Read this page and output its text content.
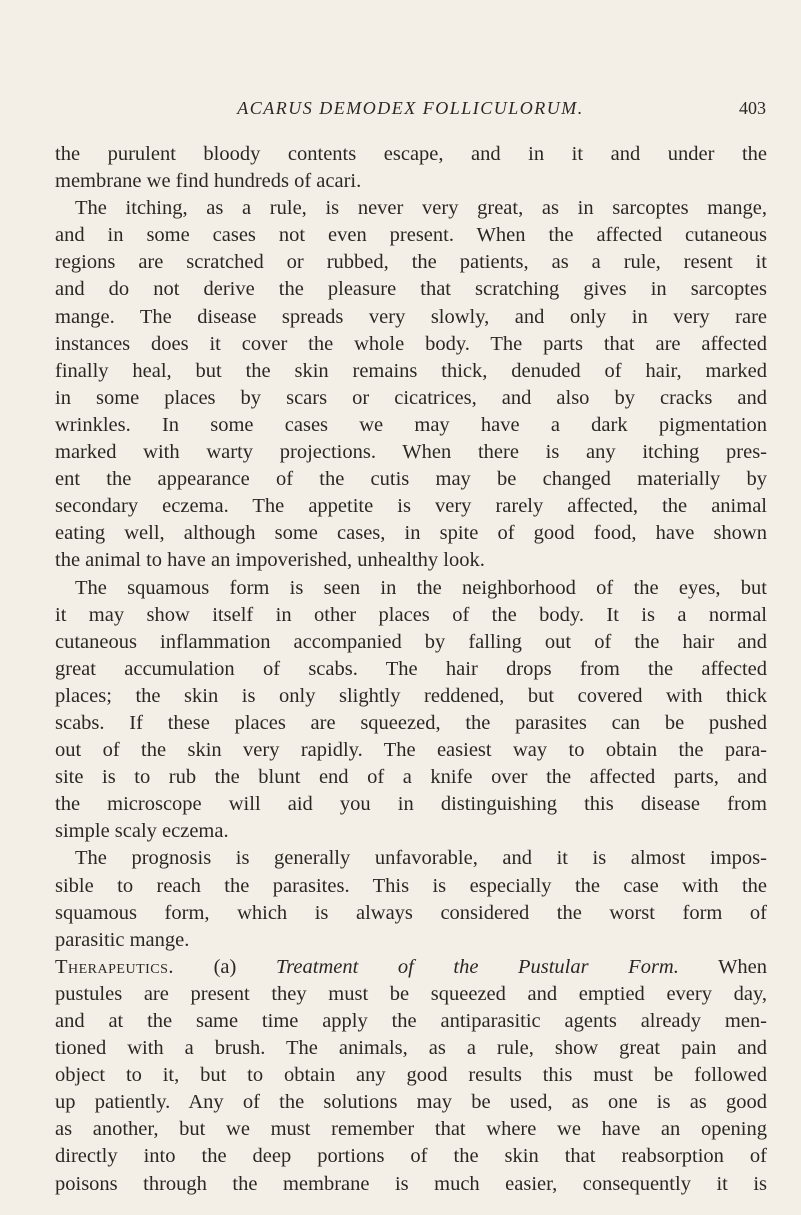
ACARUS DEMODEX FOLLICULORUM.	403
the purulent bloody contents escape, and in it and under the
membrane we find hundreds of acari.
The itching, as a rule, is never very great, as in sarcoptes mange,
and in some cases not even present. When the affected cutaneous
regions are scratched or rubbed, the patients, as a rule, resent it
and do not derive the pleasure that scratching gives in sarcoptes
mange. The disease spreads very slowly, and only in very rare
instances does it cover the whole body. The parts that are affected
finally heal, but the skin remains thick, denuded of hair, marked
in some places by scars or cicatrices, and also by cracks and
wrinkles. In some cases we may have a dark pigmentation
marked with warty projections. When there is any itching pres-
ent the appearance of the cutis may be changed materially by
secondary eczema. The appetite is very rarely affected, the animal
eating well, although some cases, in spite of good food, have shown
the animal to have an impoverished, unhealthy look.
The squamous form is seen in the neighborhood of the eyes, but
it may show itself in other places of the body. It is a normal
cutaneous inflammation accompanied by falling out of the hair and
great accumulation of scabs. The hair drops from the affected
places; the skin is only slightly reddened, but covered with thick
scabs. If these places are squeezed, the parasites can be pushed
out of the skin very rapidly. The easiest way to obtain the para-
site is to rub the blunt end of a knife over the affected parts, and
the microscope will aid you in distinguishing this disease from
simple scaly eczema.
The prognosis is generally unfavorable, and it is almost impos-
sible to reach the parasites. This is especially the case with the
squamous form, which is always considered the worst form of
parasitic mange.
Therapeutics. (a) Treatment of the Pustular Form. When
pustules are present they must be squeezed and emptied every day,
and at the same time apply the antiparasitic agents already men-
tioned with a brush. The animals, as a rule, show great pain and
object to it, but to obtain any good results this must be followed
up patiently. Any of the solutions may be used, as one is as good
as another, but we must remember that where we have an opening
directly into the deep portions of the skin that reabsorption of
poisons through the membrane is much easier, consequently it is
